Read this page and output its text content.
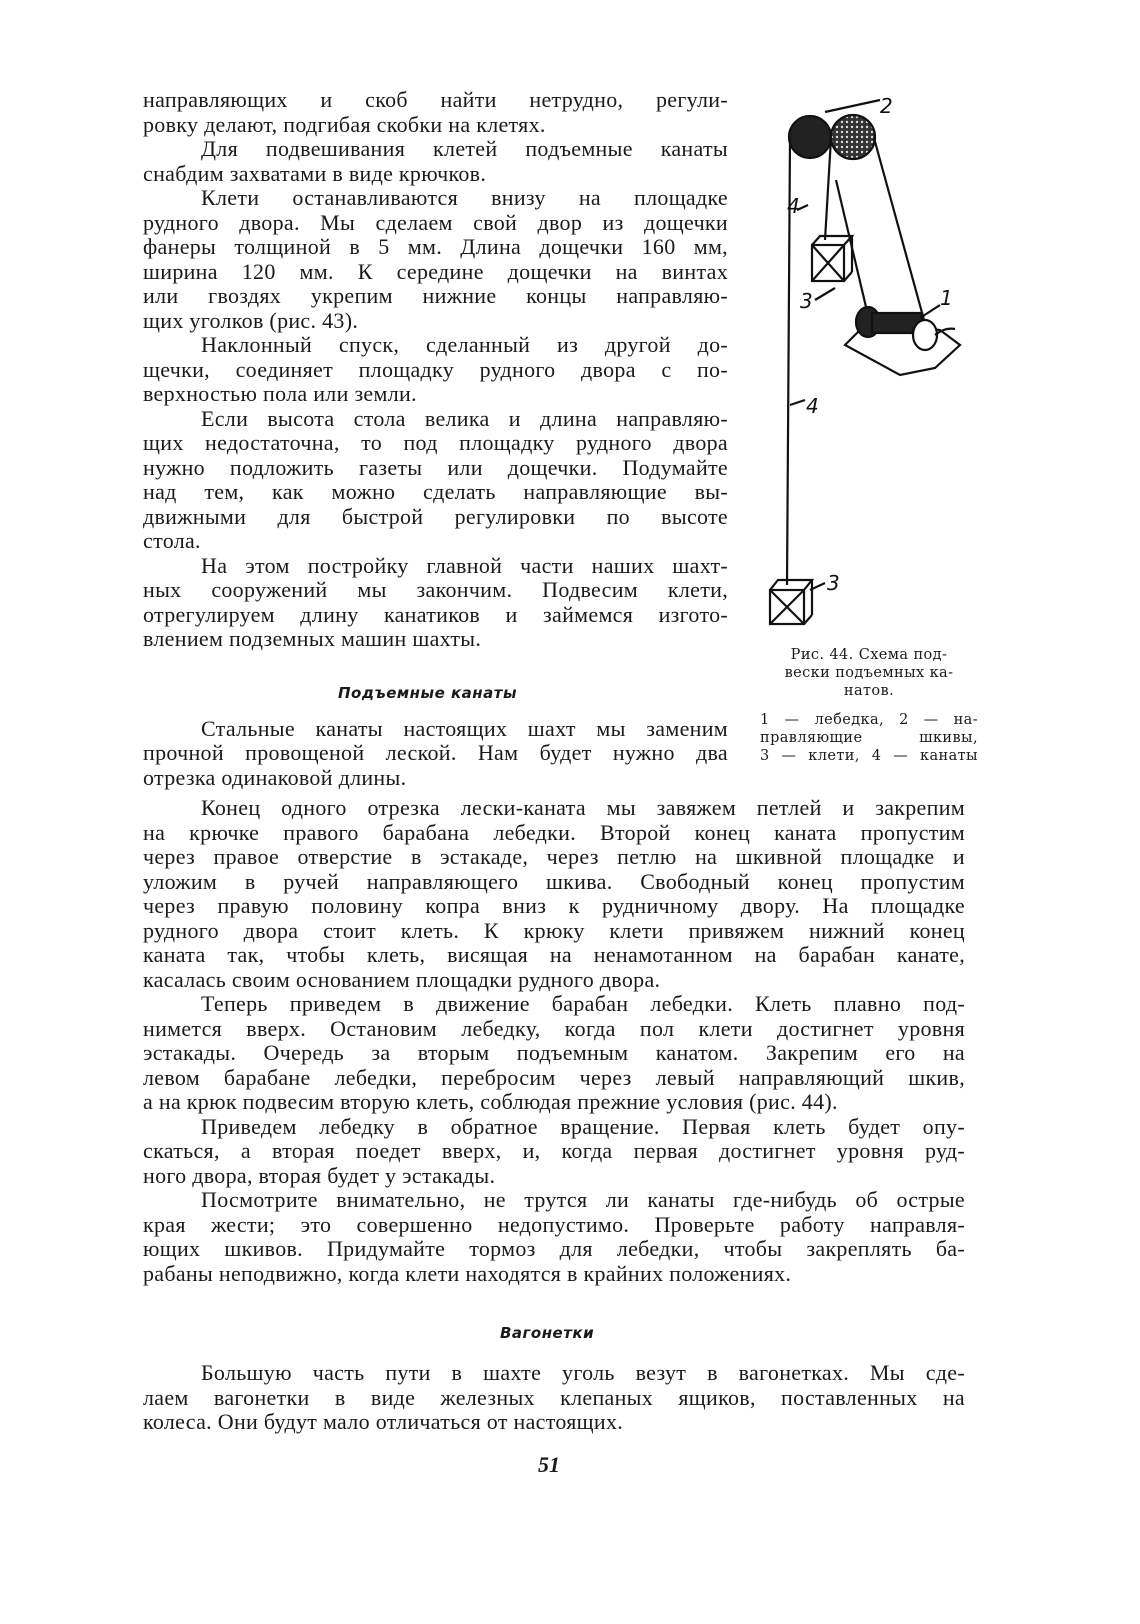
направляющих и скоб найти нетрудно, регули-
ровку делают, подгибая скобки на клетях.
Для подвешивания клетей подъемные канаты
снабдим захватами в виде крючков.
Клети останавливаются внизу на площадке
рудного двора. Мы сделаем свой двор из дощечки
фанеры толщиной в 5 мм. Длина дощечки 160 мм,
ширина 120 мм. К середине дощечки на винтах
или гвоздях укрепим нижние концы направляю-
щих уголков (рис. 43).
Наклонный спуск, сделанный из другой до-
щечки, соединяет площадку рудного двора с по-
верхностью пола или земли.
Если высота стола велика и длина направляю-
щих недостаточна, то под площадку рудного двора
нужно подложить газеты или дощечки. Подумайте
над тем, как можно сделать направляющие вы-
движными для быстрой регулировки по высоте
стола.
На этом постройку главной части наших шахт-
ных сооружений мы закончим. Подвесим клети,
отрегулируем длину канатиков и займемся изгото-
влением подземных машин шахты.
Стальные канаты настоящих шахт мы заменим
прочной провощеной леской. Нам будет нужно два
отрезка одинаковой длины.
Подъемные канаты
Конец одного отрезка лески-каната мы завяжем петлей и закрепим
на крючке правого барабана лебедки. Второй конец каната пропустим
через правое отверстие в эстакаде, через петлю на шкивной площадке и
уложим в ручей направляющего шкива. Свободный конец пропустим
через правую половину копра вниз к рудничному двору. На площадке
рудного двора стоит клеть. К крюку клети привяжем нижний конец
каната так, чтобы клеть, висящая на ненамотанном на барабан канате,
касалась своим основанием площадки рудного двора.
Теперь приведем в движение барабан лебедки. Клеть плавно под-
нимется вверх. Остановим лебедку, когда пол клети достигнет уровня
эстакады. Очередь за вторым подъемным канатом. Закрепим его на
левом барабане лебедки, перебросим через левый направляющий шкив,
а на крюк подвесим вторую клеть, соблюдая прежние условия (рис. 44).
Приведем лебедку в обратное вращение. Первая клеть будет опу-
скаться, а вторая поедет вверх, и, когда первая достигнет уровня руд-
ного двора, вторая будет у эстакады.
Посмотрите внимательно, не трутся ли канаты где-нибудь об острые
края жести; это совершенно недопустимо. Проверьте работу направля-
ющих шкивов. Придумайте тормоз для лебедки, чтобы закреплять ба-
рабаны неподвижно, когда клети находятся в крайних положениях.
Вагонетки
Большую часть пути в шахте уголь везут в вагонетках. Мы сде-
лаем вагонетки в виде железных клепаных ящиков, поставленных на
колеса. Они будут мало отличаться от настоящих.
2
4
3	1
4
3
Рис. 44. Схема под-
вески подъемных ка-
натов.
1 — лебедка, 2 — на-
правляющие шкивы,
3 — клети, 4 — канаты
51
